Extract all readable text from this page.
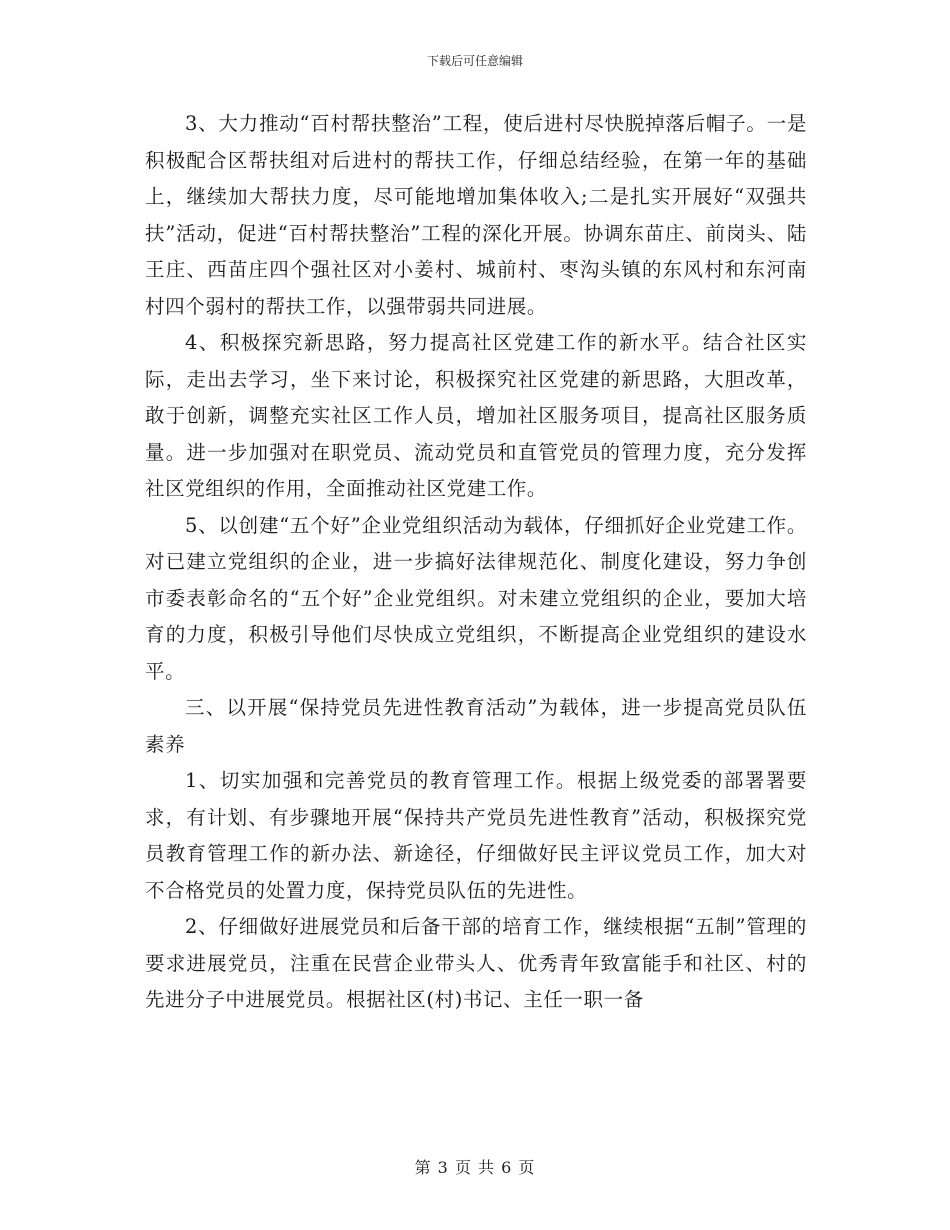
下载后可任意编辑

3、大力推动“百村帮扶整治”工程，使后进村尽快脱掉落后帽子。一是积极配合区帮扶组对后进村的帮扶工作，仔细总结经验，在第一年的基础上，继续加大帮扶力度，尽可能地增加集体收入;二是扎实开展好“双强共扶”活动，促进“百村帮扶整治”工程的深化开展。协调东苗庄、前岗头、陆王庄、西苗庄四个强社区对小姜村、城前村、枣沟头镇的东风村和东河南村四个弱村的帮扶工作，以强带弱共同进展。

4、积极探究新思路，努力提高社区党建工作的新水平。结合社区实际，走出去学习，坐下来讨论，积极探究社区党建的新思路，大胆改革，敢于创新，调整充实社区工作人员，增加社区服务项目，提高社区服务质量。进一步加强对在职党员、流动党员和直管党员的管理力度，充分发挥社区党组织的作用，全面推动社区党建工作。

5、以创建“五个好”企业党组织活动为载体，仔细抓好企业党建工作。对已建立党组织的企业，进一步搞好法律规范化、制度化建设，努力争创市委表彰命名的“五个好”企业党组织。对未建立党组织的企业，要加大培育的力度，积极引导他们尽快成立党组织，不断提高企业党组织的建设水平。

三、以开展“保持党员先进性教育活动”为载体，进一步提高党员队伍素养

1、切实加强和完善党员的教育管理工作。根据上级党委的部署署要求，有计划、有步骤地开展“保持共产党员先进性教育”活动，积极探究党员教育管理工作的新办法、新途径，仔细做好民主评议党员工作，加大对不合格党员的处置力度，保持党员队伍的先进性。

2、仔细做好进展党员和后备干部的培育工作，继续根据“五制”管理的要求进展党员，注重在民营企业带头人、优秀青年致富能手和社区、村的先进分子中进展党员。根据社区(村)书记、主任一职一备

第 3 页 共 6 页
